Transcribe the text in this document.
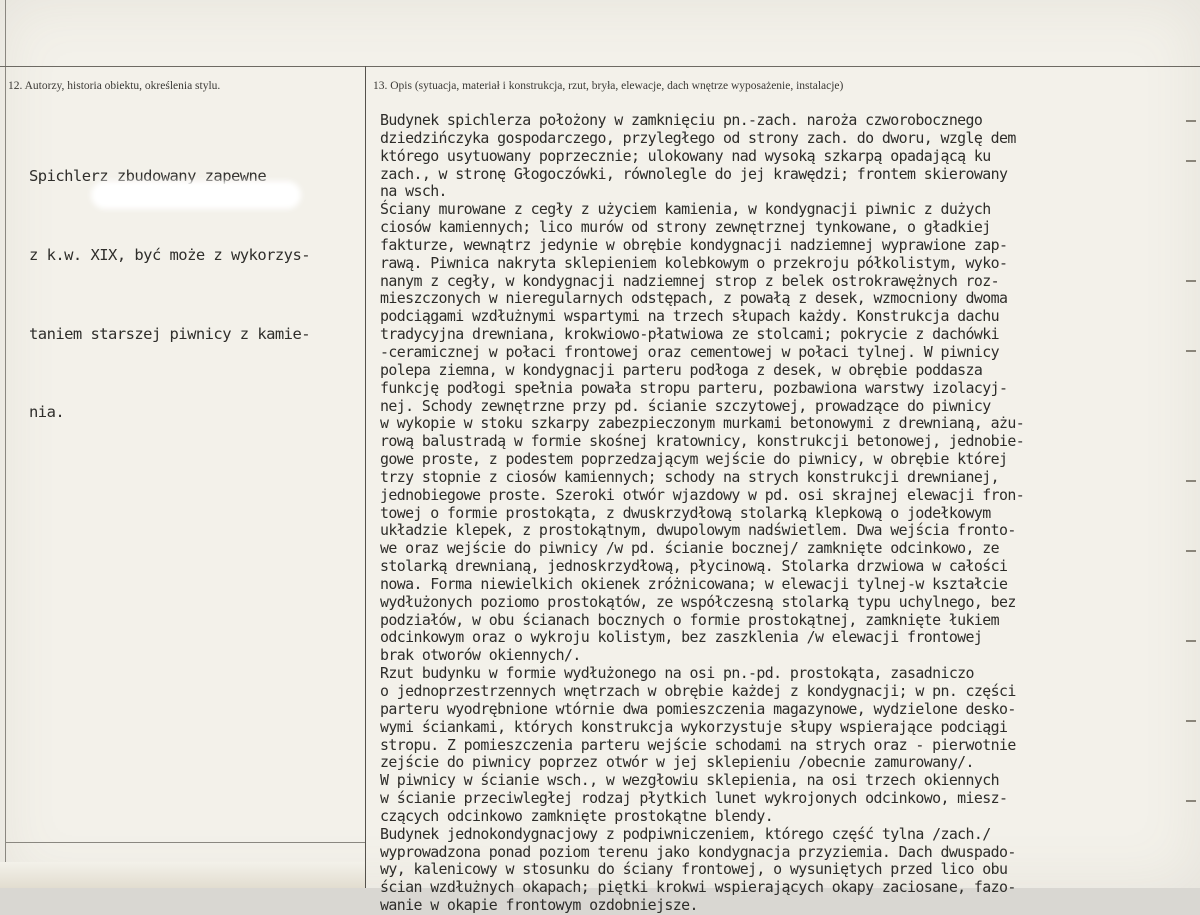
12. Autorzy, historia obiektu, określenia stylu.	13. Opis (sytuacja, materiał i konstrukcja, rzut, bryła, elewacje, dach wnętrze wyposażenie, instalacje)

Spichlerz zbudowany zapewne

z k.w. XIX, być może z wykorzys-

taniem starszej piwnicy z kamie-

nia.

Budynek spichlerza położony w zamknięciu pn.-zach. naroża czworobocznego
dziedzińczyka gospodarczego, przyległego od strony zach. do dworu, wzglę dem
którego usytuowany poprzecznie; ulokowany nad wysoką szkarpą opadającą ku
zach., w stronę Głogoczówki, równolegle do jej krawędzi; frontem skierowany
na wsch.
Ściany murowane z cegły z użyciem kamienia, w kondygnacji piwnic z dużych
ciosów kamiennych; lico murów od strony zewnętrznej tynkowane, o gładkiej
fakturze, wewnątrz jedynie w obrębie kondygnacji nadziemnej wyprawione zap-
rawą. Piwnica nakryta sklepieniem kolebkowym o przekroju półkolistym, wyko-
nanym z cegły, w kondygnacji nadziemnej strop z belek ostrokrawężnych roz-
mieszczonych w nieregularnych odstępach, z powałą z desek, wzmocniony dwoma
podciągami wzdłużnymi wspartymi na trzech słupach każdy. Konstrukcja dachu
tradycyjna drewniana, krokwiowo-płatwiowa ze stolcami; pokrycie z dachówki
-ceramicznej w połaci frontowej oraz cementowej w połaci tylnej. W piwnicy
polepa ziemna, w kondygnacji parteru podłoga z desek, w obrębie poddasza
funkcję podłogi spełnia powała stropu parteru, pozbawiona warstwy izolacyj-
nej. Schody zewnętrzne przy pd. ścianie szczytowej, prowadzące do piwnicy
w wykopie w stoku szkarpy zabezpieczonym murkami betonowymi z drewnianą, ażu-
rową balustradą w formie skośnej kratownicy, konstrukcji betonowej, jednobie-
gowe proste, z podestem poprzedzającym wejście do piwnicy, w obrębie której
trzy stopnie z ciosów kamiennych; schody na strych konstrukcji drewnianej,
jednobiegowe proste. Szeroki otwór wjazdowy w pd. osi skrajnej elewacji fron-
towej o formie prostokąta, z dwuskrzydłową stolarką klepkową o jodełkowym
układzie klepek, z prostokątnym, dwupolowym nadświetlem. Dwa wejścia fronto-
we oraz wejście do piwnicy /w pd. ścianie bocznej/ zamknięte odcinkowo, ze
stolarką drewnianą, jednoskrzydłową, płycinową. Stolarka drzwiowa w całości
nowa. Forma niewielkich okienek zróżnicowana; w elewacji tylnej-w kształcie
wydłużonych poziomo prostokątów, ze współczesną stolarką typu uchylnego, bez
podziałów, w obu ścianach bocznych o formie prostokątnej, zamknięte łukiem
odcinkowym oraz o wykroju kolistym, bez zaszklenia /w elewacji frontowej
brak otworów okiennych/.
Rzut budynku w formie wydłużonego na osi pn.-pd. prostokąta, zasadniczo
o jednoprzestrzennych wnętrzach w obrębie każdej z kondygnacji; w pn. części
parteru wyodrębnione wtórnie dwa pomieszczenia magazynowe, wydzielone desko-
wymi ściankami, których konstrukcja wykorzystuje słupy wspierające podciągi
stropu. Z pomieszczenia parteru wejście schodami na strych oraz - pierwotnie
zejście do piwnicy poprzez otwór w jej sklepieniu /obecnie zamurowany/.
W piwnicy w ścianie wsch., w wezgłowiu sklepienia, na osi trzech okiennych
w ścianie przeciwległej rodzaj płytkich lunet wykrojonych odcinkowo, miesz-
czących odcinkowo zamknięte prostokątne blendy.
Budynek jednokondygnacjowy z podpiwniczeniem, którego część tylna /zach./
wyprowadzona ponad poziom terenu jako kondygnacja przyziemia. Dach dwuspado-
wy, kalenicowy w stosunku do ściany frontowej, o wysuniętych przed lico obu
ścian wzdłużnych okapach; piętki krokwi wspierających okapy zaciosane, fazo-
wanie w okapie frontowym ozdobniejsze.
